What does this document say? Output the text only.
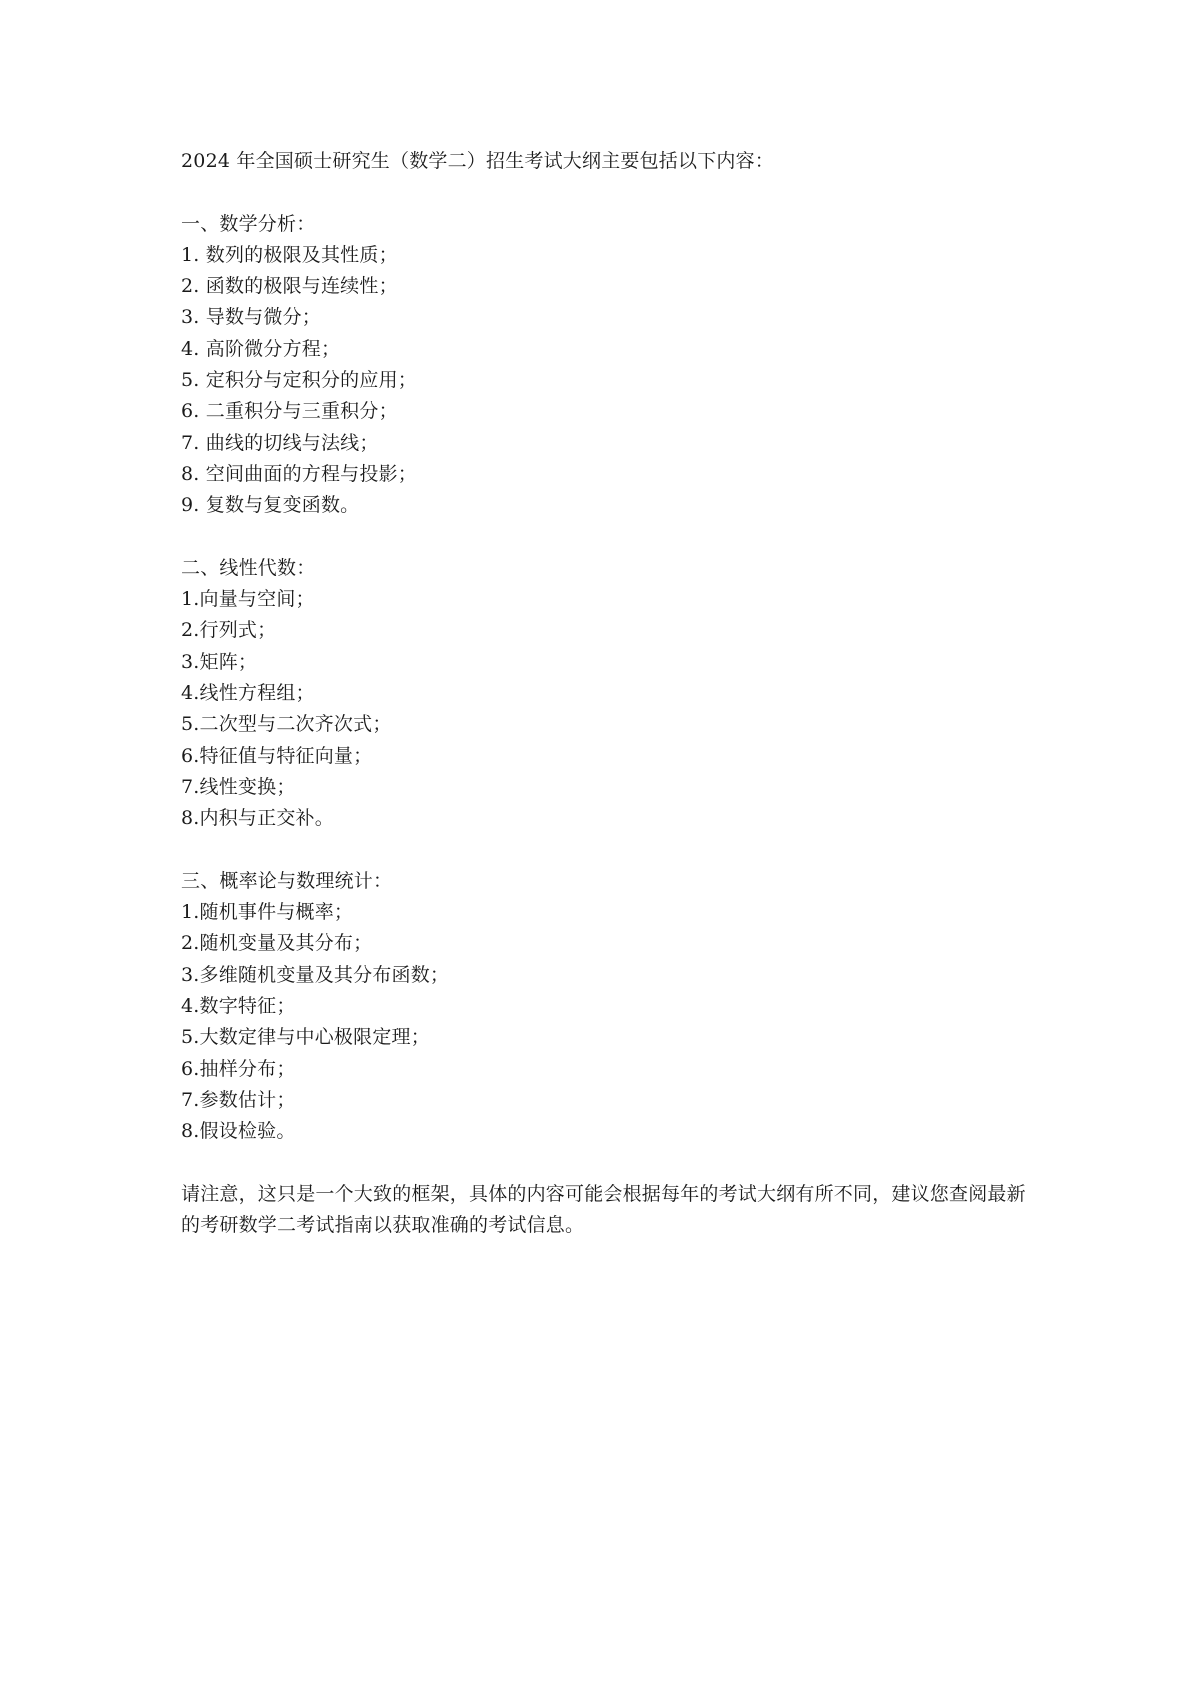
2024 年全国硕士研究生（数学二）招生考试大纲主要包括以下内容：
一、数学分析：
1. 数列的极限及其性质；
2. 函数的极限与连续性；
3. 导数与微分；
4. 高阶微分方程；
5. 定积分与定积分的应用；
6. 二重积分与三重积分；
7. 曲线的切线与法线；
8. 空间曲面的方程与投影；
9. 复数与复变函数。
二、线性代数：
1.向量与空间；
2.行列式；
3.矩阵；
4.线性方程组；
5.二次型与二次齐次式；
6.特征值与特征向量；
7.线性变换；
8.内积与正交补。
三、概率论与数理统计：
1.随机事件与概率；
2.随机变量及其分布；
3.多维随机变量及其分布函数；
4.数字特征；
5.大数定律与中心极限定理；
6.抽样分布；
7.参数估计；
8.假设检验。
请注意，这只是一个大致的框架，具体的内容可能会根据每年的考试大纲有所不同，建议您查阅最新的考研数学二考试指南以获取准确的考试信息。
